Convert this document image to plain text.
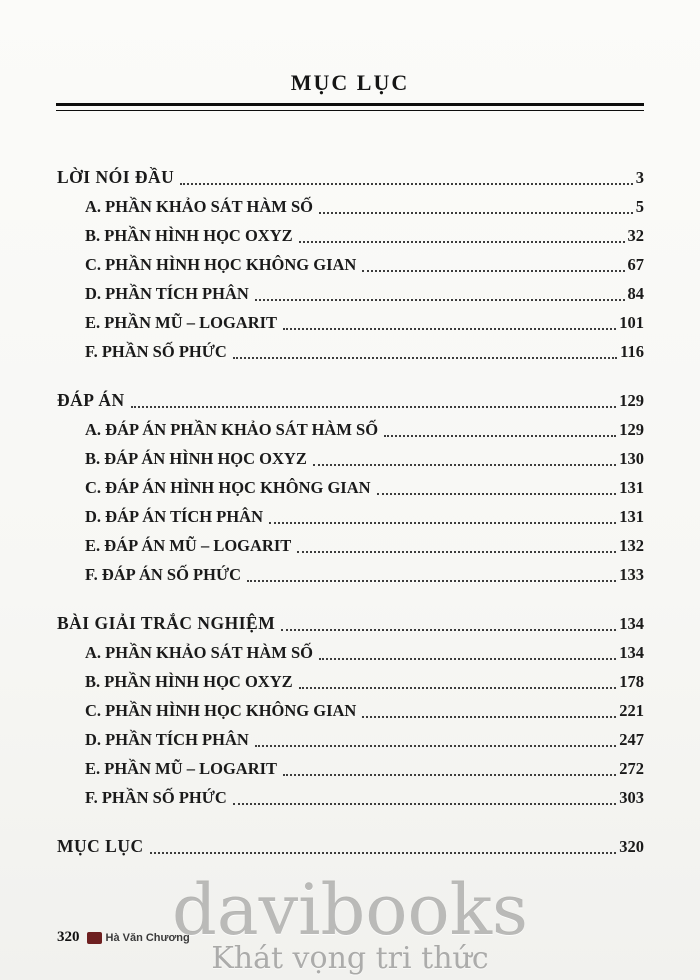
MỤC LỤC
LỜI NÓI ĐẦU	3
A. PHẦN KHẢO SÁT HÀM SỐ	5
B. PHẦN HÌNH HỌC OXYZ	32
C. PHẦN HÌNH HỌC KHÔNG GIAN	67
D. PHẦN TÍCH PHÂN	84
E. PHẦN MŨ – LOGARIT	101
F. PHẦN SỐ PHỨC	116
ĐÁP ÁN	129
A. ĐÁP ÁN PHẦN KHẢO SÁT HÀM SỐ	129
B. ĐÁP ÁN HÌNH HỌC OXYZ	130
C. ĐÁP ÁN HÌNH HỌC KHÔNG GIAN	131
D. ĐÁP ÁN TÍCH PHÂN	131
E. ĐÁP ÁN MŨ – LOGARIT	132
F. ĐÁP ÁN SỐ PHỨC	133
BÀI GIẢI TRẮC NGHIỆM	134
A. PHẦN KHẢO SÁT HÀM SỐ	134
B. PHẦN HÌNH HỌC OXYZ	178
C. PHẦN HÌNH HỌC KHÔNG GIAN	221
D. PHẦN TÍCH PHÂN	247
E. PHẦN MŨ – LOGARIT	272
F. PHẦN SỐ PHỨC	303
MỤC LỤC	320
davibooks
Khát vọng tri thức
320 Hà Văn Chương
